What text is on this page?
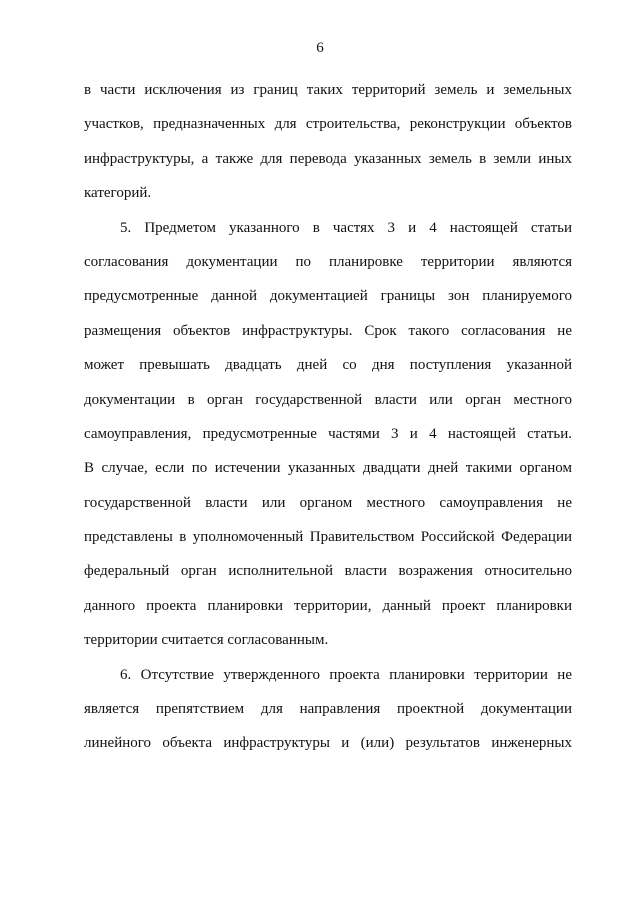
6
в части исключения из границ таких территорий земель и земельных
участков, предназначенных для строительства, реконструкции объектов
инфраструктуры, а также для перевода указанных земель в земли иных
категорий.
5. Предметом указанного в частях 3 и 4 настоящей статьи
согласования документации по планировке территории являются
предусмотренные данной документацией границы зон планируемого
размещения объектов инфраструктуры. Срок такого согласования не
может превышать двадцать дней со дня поступления указанной
документации в орган государственной власти или орган местного
самоуправления, предусмотренные частями 3 и 4 настоящей статьи.
В случае, если по истечении указанных двадцати дней такими органом
государственной власти или органом местного самоуправления не
представлены в уполномоченный Правительством Российской Федерации
федеральный орган исполнительной власти возражения относительно
данного проекта планировки территории, данный проект планировки
территории считается согласованным.
6. Отсутствие утвержденного проекта планировки территории не
является препятствием для направления проектной документации
линейного объекта инфраструктуры и (или) результатов инженерных
